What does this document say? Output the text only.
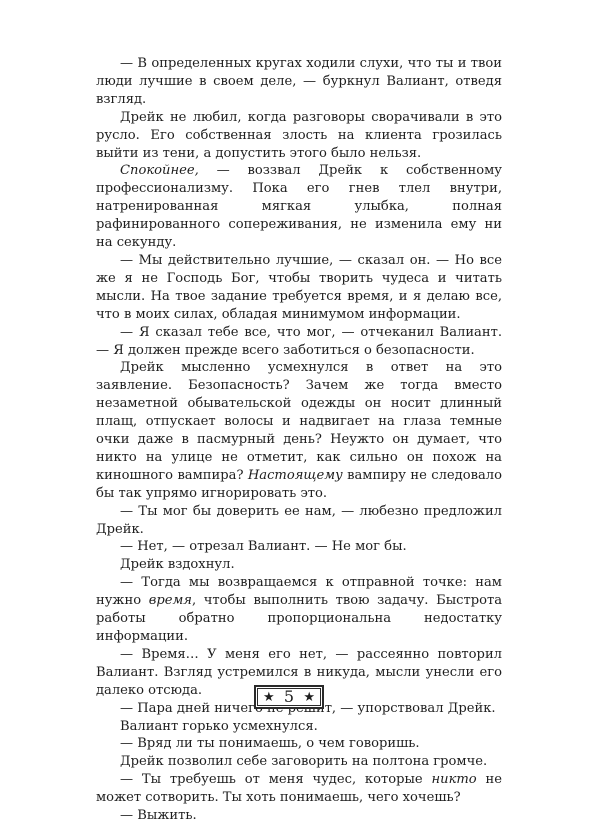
— В определенных кругах ходили слухи, что ты и твои люди лучшие в своем деле, — буркнул Валиант, отведя взгляд.

Дрейк не любил, когда разговоры сворачивали в это русло. Его собственная злость на клиента грозилась выйти из тени, а допустить этого было нельзя.

Спокойнее, — воззвал Дрейк к собственному профессионализму. Пока его гнев тлел внутри, натренированная мягкая улыбка, полная рафинированного сопереживания, не изменила ему ни на секунду.

— Мы действительно лучшие, — сказал он. — Но все же я не Господь Бог, чтобы творить чудеса и читать мысли. На твое задание требуется время, и я делаю все, что в моих силах, обладая минимумом информации.

— Я сказал тебе все, что мог, — отчеканил Валиант. — Я должен прежде всего заботиться о безопасности.

Дрейк мысленно усмехнулся в ответ на это заявление. Безопасность? Зачем же тогда вместо незаметной обывательской одежды он носит длинный плащ, отпускает волосы и надвигает на глаза темные очки даже в пасмурный день? Неужто он думает, что никто на улице не отметит, как сильно он похож на киношного вампира? Настоящему вампиру не следовало бы так упрямо игнорировать это.

— Ты мог бы доверить ее нам, — любезно предложил Дрейк.

— Нет, — отрезал Валиант. — Не мог бы.

Дрейк вздохнул.

— Тогда мы возвращаемся к отправной точке: нам нужно время, чтобы выполнить твою задачу. Быстрота работы обратно пропорциональна недостатку информации.

— Время… У меня его нет, — рассеянно повторил Валиант. Взгляд устремился в никуда, мысли унесли его далеко отсюда.

— Пара дней ничего не решит, — упорствовал Дрейк.

Валиант горько усмехнулся.

— Вряд ли ты понимаешь, о чем говоришь.

Дрейк позволил себе заговорить на полтона громче.

— Ты требуешь от меня чудес, которые никто не может сотворить. Ты хоть понимаешь, чего хочешь?

— Выжить.

★ 5 ★
